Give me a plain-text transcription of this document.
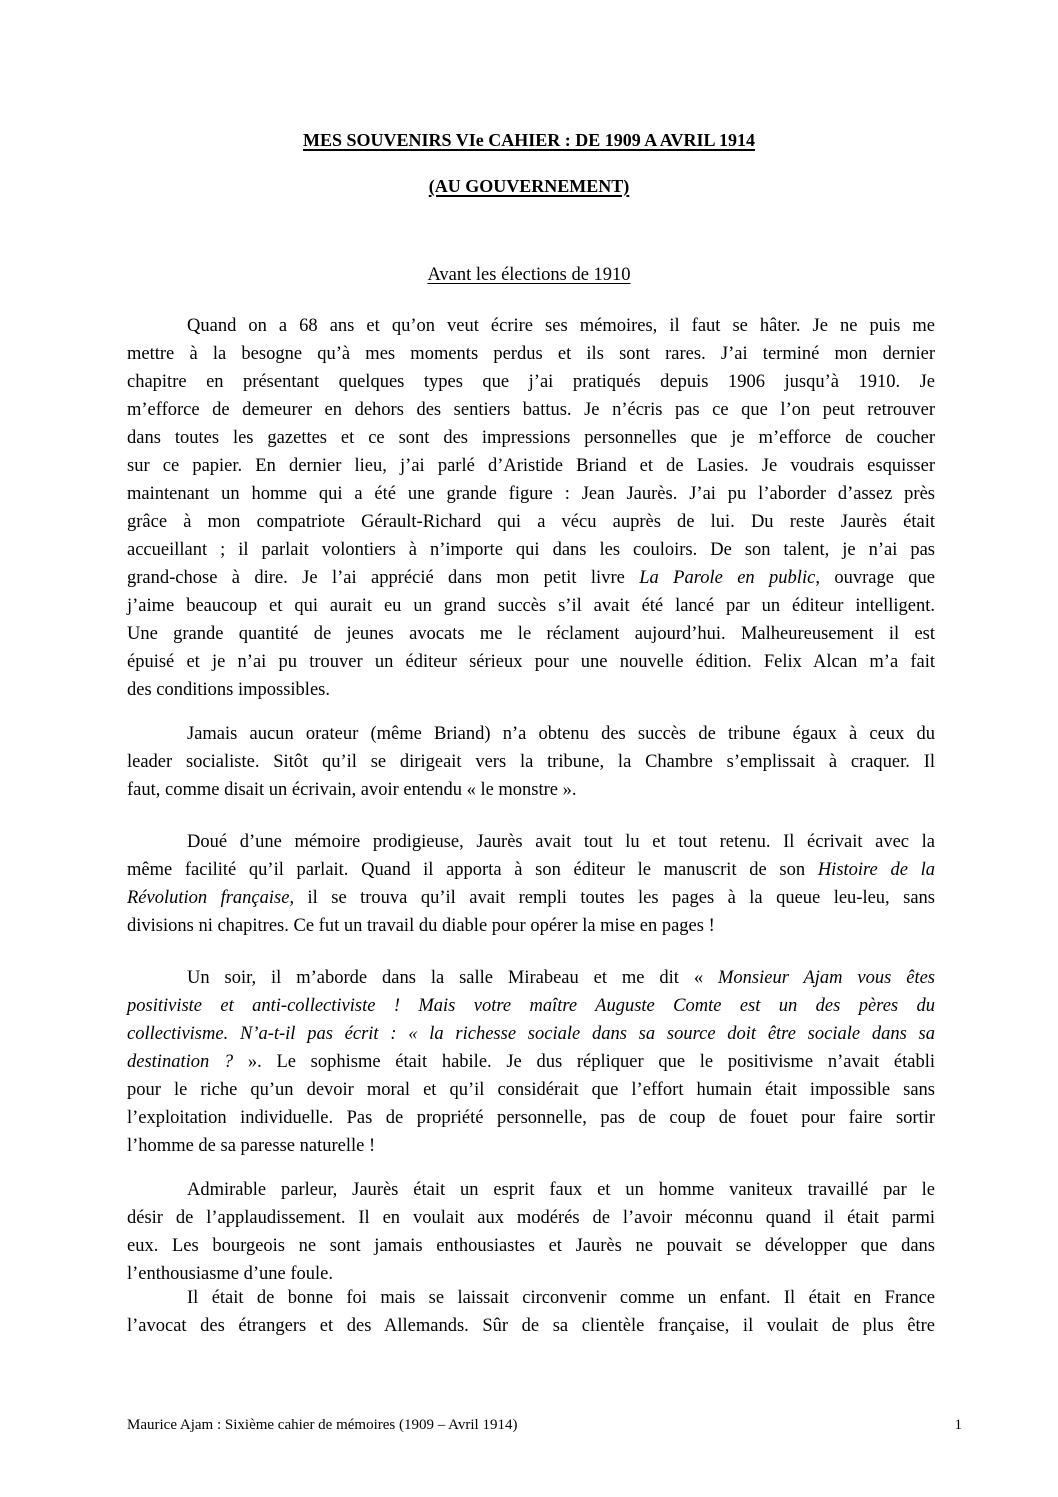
MES SOUVENIRS VIe CAHIER : DE 1909 A AVRIL 1914
(AU GOUVERNEMENT)
Avant les élections de 1910
Quand on a 68 ans et qu’on veut écrire ses mémoires, il faut se hâter. Je ne puis me
mettre à la besogne qu’à mes moments perdus et ils sont rares. J’ai terminé mon dernier
chapitre en présentant quelques types que j’ai pratiqués depuis 1906 jusqu’à 1910. Je
m’efforce de demeurer en dehors des sentiers battus. Je n’écris pas ce que l’on peut retrouver
dans toutes les gazettes et ce sont des impressions personnelles que je m’efforce de coucher
sur ce papier. En dernier lieu, j’ai parlé d’Aristide Briand et de Lasies. Je voudrais esquisser
maintenant un homme qui a été une grande figure : Jean Jaurès. J’ai pu l’aborder d’assez près
grâce à mon compatriote Gérault-Richard qui a vécu auprès de lui. Du reste Jaurès était
accueillant ; il parlait volontiers à n’importe qui dans les couloirs. De son talent, je n’ai pas
grand-chose à dire. Je l’ai apprécié dans mon petit livre La Parole en public, ouvrage que
j’aime beaucoup et qui aurait eu un grand succès s’il avait été lancé par un éditeur intelligent.
Une grande quantité de jeunes avocats me le réclament aujourd’hui. Malheureusement il est
épuisé et je n’ai pu trouver un éditeur sérieux pour une nouvelle édition. Felix Alcan m’a fait
des conditions impossibles.
Jamais aucun orateur (même Briand) n’a obtenu des succès de tribune égaux à ceux du
leader socialiste. Sitôt qu’il se dirigeait vers la tribune, la Chambre s’emplissait à craquer. Il
faut, comme disait un écrivain, avoir entendu « le monstre ».
Doué d’une mémoire prodigieuse, Jaurès avait tout lu et tout retenu. Il écrivait avec la
même facilité qu’il parlait. Quand il apporta à son éditeur le manuscrit de son Histoire de la
Révolution française, il se trouva qu’il avait rempli toutes les pages à la queue leu-leu, sans
divisions ni chapitres. Ce fut un travail du diable pour opérer la mise en pages !
Un soir, il m’aborde dans la salle Mirabeau et me dit « Monsieur Ajam vous êtes
positiviste et anti-collectiviste ! Mais votre maître Auguste Comte est un des pères du
collectivisme. N’a-t-il pas écrit : « la richesse sociale dans sa source doit être sociale dans sa
destination ? ». Le sophisme était habile. Je dus répliquer que le positivisme n’avait établi
pour le riche qu’un devoir moral et qu’il considérait que l’effort humain était impossible sans
l’exploitation individuelle. Pas de propriété personnelle, pas de coup de fouet pour faire sortir
l’homme de sa paresse naturelle !
Admirable parleur, Jaurès était un esprit faux et un homme vaniteux travaillé par le
désir de l’applaudissement. Il en voulait aux modérés de l’avoir méconnu quand il était parmi
eux. Les bourgeois ne sont jamais enthousiastes et Jaurès ne pouvait se développer que dans
l’enthousiasme d’une foule.
Il était de bonne foi mais se laissait circonvenir comme un enfant. Il était en France
l’avocat des étrangers et des Allemands. Sûr de sa clientèle française, il voulait de plus être
Maurice Ajam : Sixième cahier de mémoires (1909 – Avril 1914)	1
